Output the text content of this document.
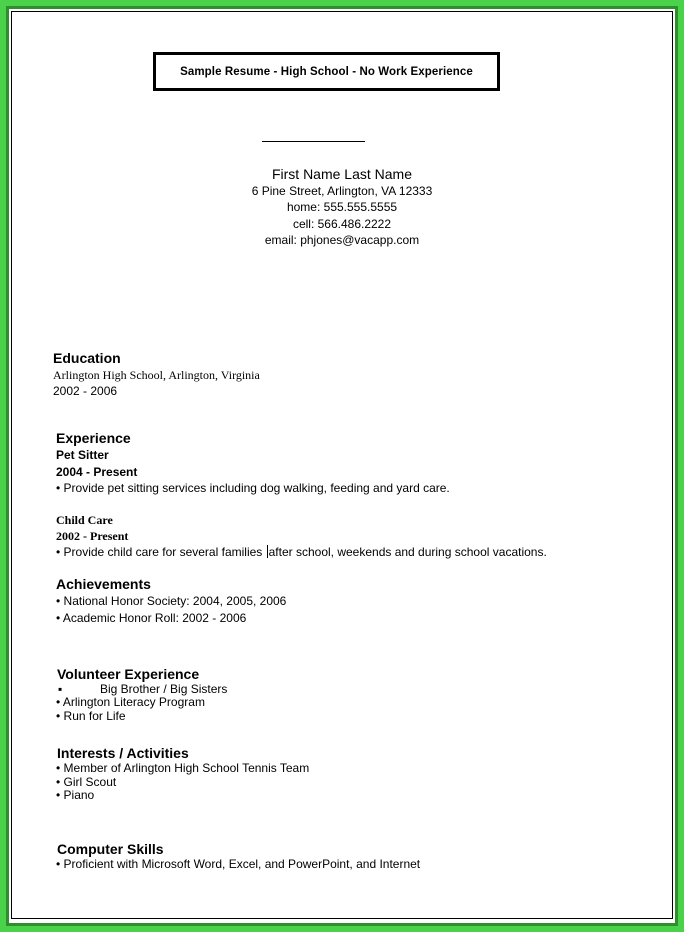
Sample Resume - High School - No Work Experience
First Name Last Name
6 Pine Street, Arlington, VA 12333
home: 555.555.5555
cell: 566.486.2222
email: phjones@vacapp.com
Education
Arlington High School, Arlington, Virginia
2002 - 2006
Experience
Pet Sitter
2004 - Present
• Provide pet sitting services including dog walking, feeding and yard care.
Child Care
2002 - Present
• Provide child care for several families after school, weekends and during school vacations.
Achievements
• National Honor Society: 2004, 2005, 2006
• Academic Honor Roll: 2002 - 2006
Volunteer Experience
▪	Big Brother / Big Sisters
• Arlington Literacy Program
• Run for Life
Interests / Activities
• Member of Arlington High School Tennis Team
• Girl Scout
• Piano
Computer Skills
• Proficient with Microsoft Word, Excel, and PowerPoint, and Internet
